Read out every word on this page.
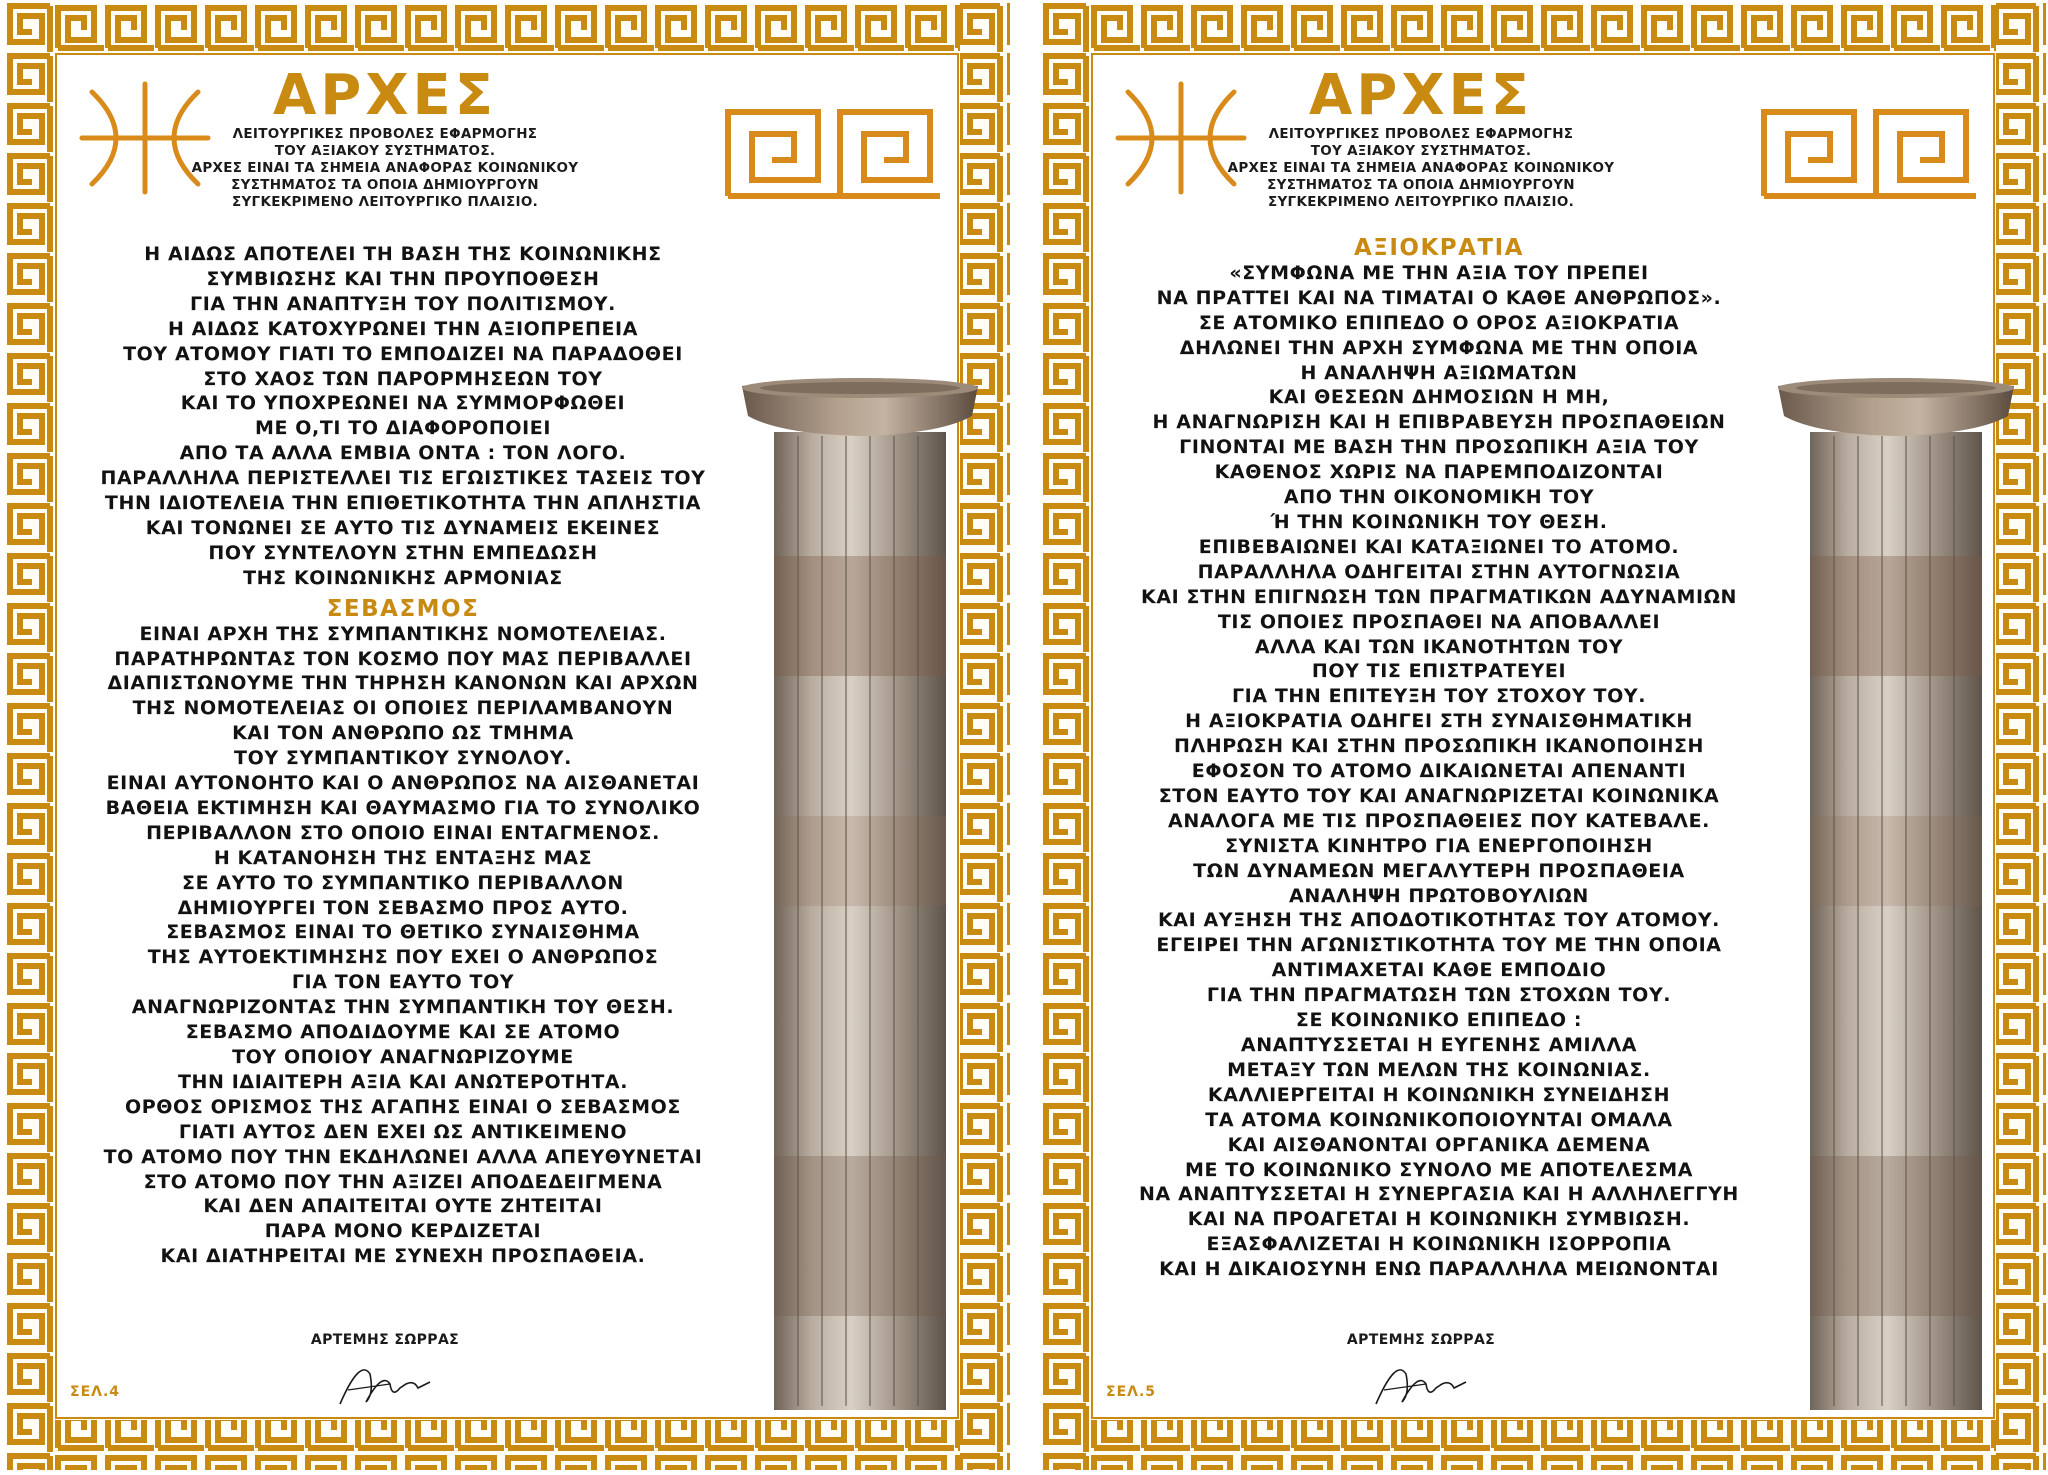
ΑΡΧΕΣ
ΛΕΙΤΟΥΡΓΙΚΕΣ ΠΡΟΒΟΛΕΣ ΕΦΑΡΜΟΓΗΣ
ΤΟΥ ΑΞΙΑΚΟΥ ΣΥΣΤΗΜΑΤΟΣ.
ΑΡΧΕΣ ΕΙΝΑΙ ΤΑ ΣΗΜΕΙΑ ΑΝΑΦΟΡΑΣ ΚΟΙΝΩΝΙΚΟΥ
ΣΥΣΤΗΜΑΤΟΣ ΤΑ ΟΠΟΙΑ ΔΗΜΙΟΥΡΓΟΥΝ
ΣΥΓΚΕΚΡΙΜΕΝΟ ΛΕΙΤΟΥΡΓΙΚΟ ΠΛΑΙΣΙΟ.
Η ΑΙΔΩΣ ΑΠΟΤΕΛΕΙ ΤΗ ΒΑΣΗ ΤΗΣ ΚΟΙΝΩΝΙΚΗΣ
ΣΥΜΒΙΩΣΗΣ ΚΑΙ ΤΗΝ ΠΡΟΥΠΟΘΕΣΗ
ΓΙΑ ΤΗΝ ΑΝΑΠΤΥΞΗ ΤΟΥ ΠΟΛΙΤΙΣΜΟΥ.
Η ΑΙΔΩΣ ΚΑΤΟΧΥΡΩΝΕΙ ΤΗΝ ΑΞΙΟΠΡΕΠΕΙΑ
ΤΟΥ ΑΤΟΜΟΥ ΓΙΑΤΙ ΤΟ ΕΜΠΟΔΙΖΕΙ ΝΑ ΠΑΡΑΔΟΘΕΙ
ΣΤΟ ΧΑΟΣ ΤΩΝ ΠΑΡΟΡΜΗΣΕΩΝ ΤΟΥ
ΚΑΙ ΤΟ ΥΠΟΧΡΕΩΝΕΙ ΝΑ ΣΥΜΜΟΡΦΩΘΕΙ
ΜΕ Ο,ΤΙ ΤΟ ΔΙΑΦΟΡΟΠΟΙΕΙ
ΑΠΟ ΤΑ ΑΛΛΑ ΕΜΒΙΑ ΟΝΤΑ : ΤΟΝ ΛΟΓΟ.
ΠΑΡΑΛΛΗΛΑ ΠΕΡΙΣΤΕΛΛΕΙ ΤΙΣ ΕΓΩΙΣΤΙΚΕΣ ΤΑΣΕΙΣ ΤΟΥ
ΤΗΝ ΙΔΙΟΤΕΛΕΙΑ ΤΗΝ ΕΠΙΘΕΤΙΚΟΤΗΤΑ ΤΗΝ ΑΠΛΗΣΤΙΑ
ΚΑΙ ΤΟΝΩΝΕΙ ΣΕ ΑΥΤΟ ΤΙΣ ΔΥΝΑΜΕΙΣ ΕΚΕΙΝΕΣ
ΠΟΥ ΣΥΝΤΕΛΟΥΝ ΣΤΗΝ ΕΜΠΕΔΩΣΗ
ΤΗΣ ΚΟΙΝΩΝΙΚΗΣ ΑΡΜΟΝΙΑΣ
ΣΕΒΑΣΜΟΣ
ΕΙΝΑΙ ΑΡΧΗ ΤΗΣ ΣΥΜΠΑΝΤΙΚΗΣ ΝΟΜΟΤΕΛΕΙΑΣ.
ΠΑΡΑΤΗΡΩΝΤΑΣ ΤΟΝ ΚΟΣΜΟ ΠΟΥ ΜΑΣ ΠΕΡΙΒΑΛΛΕΙ
ΔΙΑΠΙΣΤΩΝΟΥΜΕ ΤΗΝ ΤΗΡΗΣΗ ΚΑΝΟΝΩΝ ΚΑΙ ΑΡΧΩΝ
ΤΗΣ ΝΟΜΟΤΕΛΕΙΑΣ ΟΙ ΟΠΟΙΕΣ ΠΕΡΙΛΑΜΒΑΝΟΥΝ
ΚΑΙ ΤΟΝ ΑΝΘΡΩΠΟ ΩΣ ΤΜΗΜΑ
ΤΟΥ ΣΥΜΠΑΝΤΙΚΟΥ ΣΥΝΟΛΟΥ.
ΕΙΝΑΙ ΑΥΤΟΝΟΗΤΟ ΚΑΙ Ο ΑΝΘΡΩΠΟΣ ΝΑ ΑΙΣΘΑΝΕΤΑΙ
ΒΑΘΕΙΑ ΕΚΤΙΜΗΣΗ ΚΑΙ ΘΑΥΜΑΣΜΟ ΓΙΑ ΤΟ ΣΥΝΟΛΙΚΟ
ΠΕΡΙΒΑΛΛΟΝ ΣΤΟ ΟΠΟΙΟ ΕΙΝΑΙ ΕΝΤΑΓΜΕΝΟΣ.
Η ΚΑΤΑΝΟΗΣΗ ΤΗΣ ΕΝΤΑΞΗΣ ΜΑΣ
ΣΕ ΑΥΤΟ ΤΟ ΣΥΜΠΑΝΤΙΚΟ ΠΕΡΙΒΑΛΛΟΝ
ΔΗΜΙΟΥΡΓΕΙ ΤΟΝ ΣΕΒΑΣΜΟ ΠΡΟΣ ΑΥΤΟ.
ΣΕΒΑΣΜΟΣ ΕΙΝΑΙ ΤΟ ΘΕΤΙΚΟ ΣΥΝΑΙΣΘΗΜΑ
ΤΗΣ ΑΥΤΟΕΚΤΙΜΗΣΗΣ ΠΟΥ ΕΧΕΙ Ο ΑΝΘΡΩΠΟΣ
ΓΙΑ ΤΟΝ ΕΑΥΤΟ ΤΟΥ
ΑΝΑΓΝΩΡΙΖΟΝΤΑΣ ΤΗΝ ΣΥΜΠΑΝΤΙΚΗ ΤΟΥ ΘΕΣΗ.
ΣΕΒΑΣΜΟ ΑΠΟΔΙΔΟΥΜΕ ΚΑΙ ΣΕ ΑΤΟΜΟ
ΤΟΥ ΟΠΟΙΟΥ ΑΝΑΓΝΩΡΙΖΟΥΜΕ
ΤΗΝ ΙΔΙΑΙΤΕΡΗ ΑΞΙΑ ΚΑΙ ΑΝΩΤΕΡΟΤΗΤΑ.
ΟΡΘΟΣ ΟΡΙΣΜΟΣ ΤΗΣ ΑΓΑΠΗΣ ΕΙΝΑΙ Ο ΣΕΒΑΣΜΟΣ
ΓΙΑΤΙ ΑΥΤΟΣ ΔΕΝ ΕΧΕΙ ΩΣ ΑΝΤΙΚΕΙΜΕΝΟ
ΤΟ ΑΤΟΜΟ ΠΟΥ ΤΗΝ ΕΚΔΗΛΩΝΕΙ ΑΛΛΑ ΑΠΕΥΘΥΝΕΤΑΙ
ΣΤΟ ΑΤΟΜΟ ΠΟΥ ΤΗΝ ΑΞΙΖΕΙ ΑΠΟΔΕΔΕΙΓΜΕΝΑ
ΚΑΙ ΔΕΝ ΑΠΑΙΤΕΙΤΑΙ ΟΥΤΕ ΖΗΤΕΙΤΑΙ
ΠΑΡΑ ΜΟΝΟ ΚΕΡΔΙΖΕΤΑΙ
ΚΑΙ ΔΙΑΤΗΡΕΙΤΑΙ ΜΕ ΣΥΝΕΧΗ ΠΡΟΣΠΑΘΕΙΑ.
ΑΡΤΕΜΗΣ ΣΩΡΡΑΣ
ΣΕΛ.4
ΑΡΧΕΣ
ΛΕΙΤΟΥΡΓΙΚΕΣ ΠΡΟΒΟΛΕΣ ΕΦΑΡΜΟΓΗΣ
ΤΟΥ ΑΞΙΑΚΟΥ ΣΥΣΤΗΜΑΤΟΣ.
ΑΡΧΕΣ ΕΙΝΑΙ ΤΑ ΣΗΜΕΙΑ ΑΝΑΦΟΡΑΣ ΚΟΙΝΩΝΙΚΟΥ
ΣΥΣΤΗΜΑΤΟΣ ΤΑ ΟΠΟΙΑ ΔΗΜΙΟΥΡΓΟΥΝ
ΣΥΓΚΕΚΡΙΜΕΝΟ ΛΕΙΤΟΥΡΓΙΚΟ ΠΛΑΙΣΙΟ.
ΑΞΙΟΚΡΑΤΙΑ
«ΣΥΜΦΩΝΑ ΜΕ ΤΗΝ ΑΞΙΑ ΤΟΥ ΠΡΕΠΕΙ
ΝΑ ΠΡΑΤΤΕΙ ΚΑΙ ΝΑ ΤΙΜΑΤΑΙ Ο ΚΑΘΕ ΑΝΘΡΩΠΟΣ».
ΣΕ ΑΤΟΜΙΚΟ ΕΠΙΠΕΔΟ Ο ΟΡΟΣ ΑΞΙΟΚΡΑΤΙΑ
ΔΗΛΩΝΕΙ ΤΗΝ ΑΡΧΗ ΣΥΜΦΩΝΑ ΜΕ ΤΗΝ ΟΠΟΙΑ
Η ΑΝΑΛΗΨΗ ΑΞΙΩΜΑΤΩΝ
ΚΑΙ ΘΕΣΕΩΝ ΔΗΜΟΣΙΩΝ Η ΜΗ,
Η ΑΝΑΓΝΩΡΙΣΗ ΚΑΙ Η ΕΠΙΒΡΑΒΕΥΣΗ ΠΡΟΣΠΑΘΕΙΩΝ
ΓΙΝΟΝΤΑΙ ΜΕ ΒΑΣΗ ΤΗΝ ΠΡΟΣΩΠΙΚΗ ΑΞΙΑ ΤΟΥ
ΚΑΘΕΝΟΣ ΧΩΡΙΣ ΝΑ ΠΑΡΕΜΠΟΔΙΖΟΝΤΑΙ
ΑΠΟ ΤΗΝ ΟΙΚΟΝΟΜΙΚΗ ΤΟΥ
Ή ΤΗΝ ΚΟΙΝΩΝΙΚΗ ΤΟΥ ΘΕΣΗ.
ΕΠΙΒΕΒΑΙΩΝΕΙ ΚΑΙ ΚΑΤΑΞΙΩΝΕΙ ΤΟ ΑΤΟΜΟ.
ΠΑΡΑΛΛΗΛΑ ΟΔΗΓΕΙΤΑΙ ΣΤΗΝ ΑΥΤΟΓΝΩΣΙΑ
ΚΑΙ ΣΤΗΝ ΕΠΙΓΝΩΣΗ ΤΩΝ ΠΡΑΓΜΑΤΙΚΩΝ ΑΔΥΝΑΜΙΩΝ
ΤΙΣ ΟΠΟΙΕΣ ΠΡΟΣΠΑΘΕΙ ΝΑ ΑΠΟΒΑΛΛΕΙ
ΑΛΛΑ ΚΑΙ ΤΩΝ ΙΚΑΝΟΤΗΤΩΝ ΤΟΥ
ΠΟΥ ΤΙΣ ΕΠΙΣΤΡΑΤΕΥΕΙ
ΓΙΑ ΤΗΝ ΕΠΙΤΕΥΞΗ ΤΟΥ ΣΤΟΧΟΥ ΤΟΥ.
Η ΑΞΙΟΚΡΑΤΙΑ ΟΔΗΓΕΙ ΣΤΗ ΣΥΝΑΙΣΘΗΜΑΤΙΚΗ
ΠΛΗΡΩΣΗ ΚΑΙ ΣΤΗΝ ΠΡΟΣΩΠΙΚΗ ΙΚΑΝΟΠΟΙΗΣΗ
ΕΦΟΣΟΝ ΤΟ ΑΤΟΜΟ ΔΙΚΑΙΩΝΕΤΑΙ ΑΠΕΝΑΝΤΙ
ΣΤΟΝ ΕΑΥΤΟ ΤΟΥ ΚΑΙ ΑΝΑΓΝΩΡΙΖΕΤΑΙ ΚΟΙΝΩΝΙΚΑ
ΑΝΑΛΟΓΑ ΜΕ ΤΙΣ ΠΡΟΣΠΑΘΕΙΕΣ ΠΟΥ ΚΑΤΕΒΑΛΕ.
ΣΥΝΙΣΤΑ ΚΙΝΗΤΡΟ ΓΙΑ ΕΝΕΡΓΟΠΟΙΗΣΗ
ΤΩΝ ΔΥΝΑΜΕΩΝ ΜΕΓΑΛΥΤΕΡΗ ΠΡΟΣΠΑΘΕΙΑ
ΑΝΑΛΗΨΗ ΠΡΩΤΟΒΟΥΛΙΩΝ
ΚΑΙ ΑΥΞΗΣΗ ΤΗΣ ΑΠΟΔΟΤΙΚΟΤΗΤΑΣ ΤΟΥ ΑΤΟΜΟΥ.
ΕΓΕΙΡΕΙ ΤΗΝ ΑΓΩΝΙΣΤΙΚΟΤΗΤΑ ΤΟΥ ΜΕ ΤΗΝ ΟΠΟΙΑ
ΑΝΤΙΜΑΧΕΤΑΙ ΚΑΘΕ ΕΜΠΟΔΙΟ
ΓΙΑ ΤΗΝ ΠΡΑΓΜΑΤΩΣΗ ΤΩΝ ΣΤΟΧΩΝ ΤΟΥ.
ΣΕ ΚΟΙΝΩΝΙΚΟ ΕΠΙΠΕΔΟ :
ΑΝΑΠΤΥΣΣΕΤΑΙ Η ΕΥΓΕΝΗΣ ΑΜΙΛΛΑ
ΜΕΤΑΞΥ ΤΩΝ ΜΕΛΩΝ ΤΗΣ ΚΟΙΝΩΝΙΑΣ.
ΚΑΛΛΙΕΡΓΕΙΤΑΙ Η ΚΟΙΝΩΝΙΚΗ ΣΥΝΕΙΔΗΣΗ
ΤΑ ΑΤΟΜΑ ΚΟΙΝΩΝΙΚΟΠΟΙΟΥΝΤΑΙ ΟΜΑΛΑ
ΚΑΙ ΑΙΣΘΑΝΟΝΤΑΙ ΟΡΓΑΝΙΚΑ ΔΕΜΕΝΑ
ΜΕ ΤΟ ΚΟΙΝΩΝΙΚΟ ΣΥΝΟΛΟ ΜΕ ΑΠΟΤΕΛΕΣΜΑ
ΝΑ ΑΝΑΠΤΥΣΣΕΤΑΙ Η ΣΥΝΕΡΓΑΣΙΑ ΚΑΙ Η ΑΛΛΗΛΕΓΓΥΗ
ΚΑΙ ΝΑ ΠΡΟΑΓΕΤΑΙ Η ΚΟΙΝΩΝΙΚΗ ΣΥΜΒΙΩΣΗ.
ΕΞΑΣΦΑΛΙΖΕΤΑΙ Η ΚΟΙΝΩΝΙΚΗ ΙΣΟΡΡΟΠΙΑ
ΚΑΙ Η ΔΙΚΑΙΟΣΥΝΗ ΕΝΩ ΠΑΡΑΛΛΗΛΑ ΜΕΙΩΝΟΝΤΑΙ
ΑΡΤΕΜΗΣ ΣΩΡΡΑΣ
ΣΕΛ.5
